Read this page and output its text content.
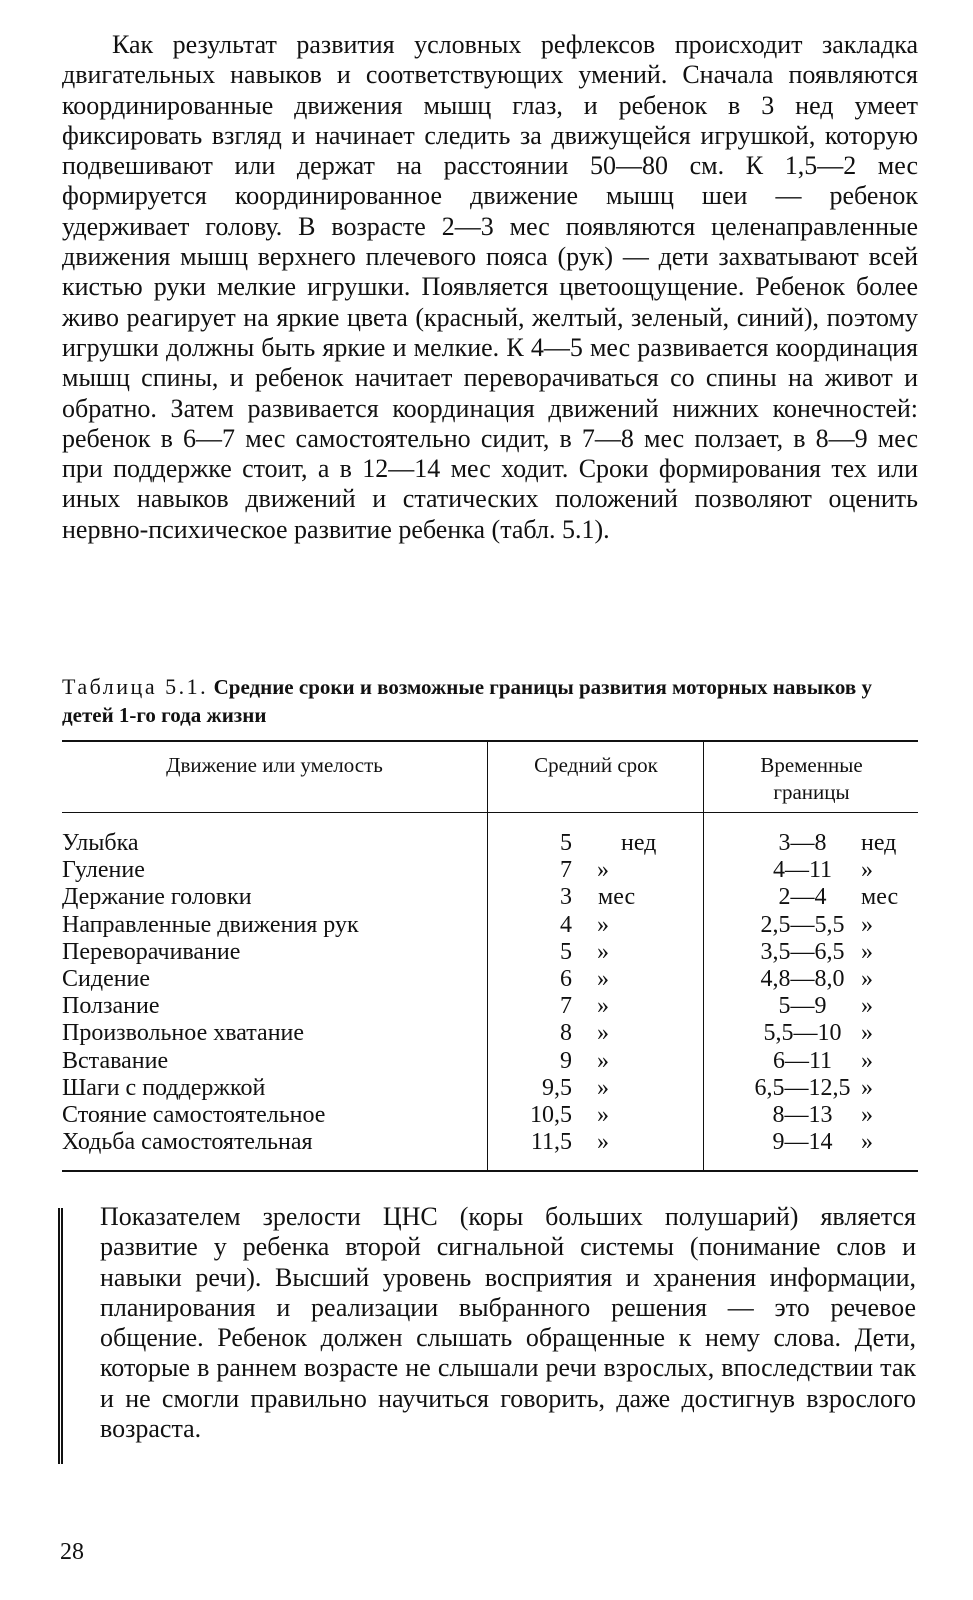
Как результат развития условных рефлексов происходит закладка двигательных навыков и соответствующих умений. Сначала появляются координированные движения мышц глаз, и ребенок в 3 нед умеет фиксировать взгляд и начинает следить за движущейся игрушкой, которую подвешивают или держат на расстоянии 50—80 см. К 1,5—2 мес формируется координированное движение мышц шеи — ребенок удерживает голову. В возрасте 2—3 мес появляются целенаправленные движения мышц верхнего плечевого пояса (рук) — дети захватывают всей кистью руки мелкие игрушки. Появляется цветоощущение. Ребенок более живо реагирует на яркие цвета (красный, желтый, зеленый, синий), поэтому игрушки должны быть яркие и мелкие. К 4—5 мес развивается координация мышц спины, и ребенок начитает переворачиваться со спины на живот и обратно. Затем развивается координация движений нижних конечностей: ребенок в 6—7 мес самостоятельно сидит, в 7—8 мес ползает, в 8—9 мес при поддержке стоит, а в 12—14 мес ходит. Сроки формирования тех или иных навыков движений и статических положений позволяют оценить нервно-психическое развитие ребенка (табл. 5.1).

Таблица 5.1. Средние сроки и возможные границы развития моторных навыков у детей 1-го года жизни

Движение или умелость	Средний срок	Временные
границы
Улыбка	5 нед	3—8	нед
Гуление	7 »	4—11	»
Держание головки	3 мес	2—4	мес
Направленные движения рук	4 »	2,5—5,5 »
Переворачивание	5 »	3,5—6,5 »
Сидение	6 »	4,8—8,0 »
Ползание	7 »	5—9	»
Произвольное хватание	8 »	5,5—10 »
Вставание	9 »	6—11	»
Шаги с поддержкой	9,5 »	6,5—12,5 »
Стояние самостоятельное	10,5 »	8—13	»
Ходьба самостоятельная	11,5 »	9—14	»

Показателем зрелости ЦНС (коры больших полушарий) является развитие у ребенка второй сигнальной системы (понимание слов и навыки речи). Высший уровень восприятия и хранения информации, планирования и реализации выбранного решения — это речевое общение. Ребенок должен слышать обращенные к нему слова. Дети, которые в раннем возрасте не слышали речи взрослых, впоследствии так и не смогли правильно научиться говорить, даже достигнув взрослого возраста.

28
